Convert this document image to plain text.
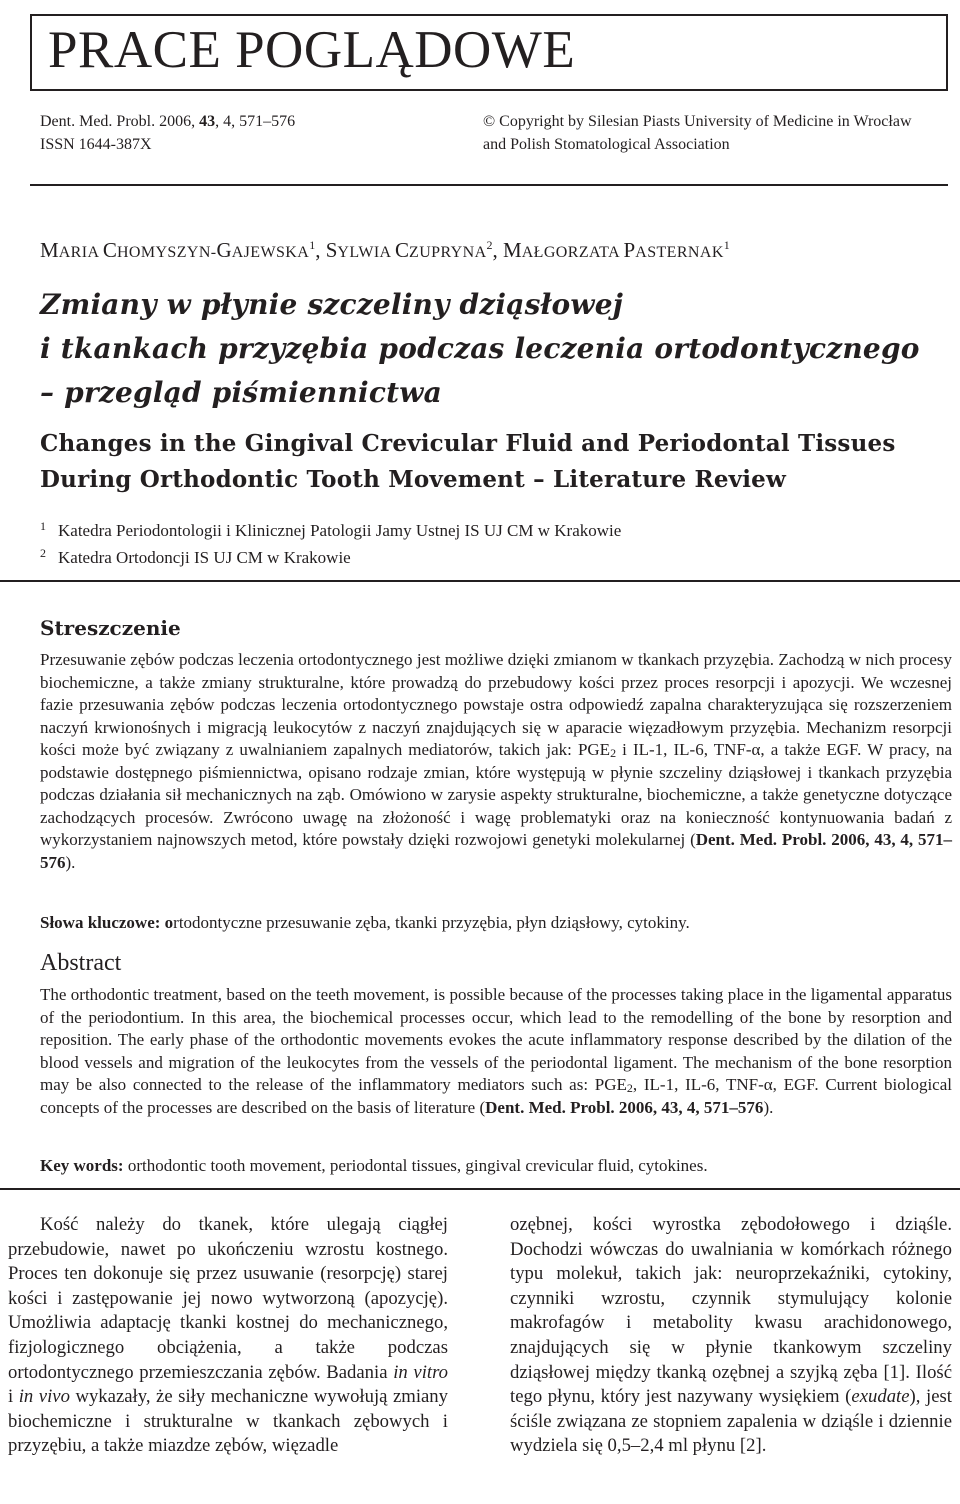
PRACE POGLĄDOWE
Dent. Med. Probl. 2006, 43, 4, 571–576
ISSN 1644-387X
© Copyright by Silesian Piasts University of Medicine in Wrocław
and Polish Stomatological Association
MARIA CHOMYSZYN-GAJEWSKA$^1$, SYLWIA CZUPRYNA$^2$, MAŁGORZATA PASTERNAK$^1$
Zmiany w płynie szczeliny dziąsłowej
i tkankach przyzębia podczas leczenia ortodontycznego
– przegląd piśmiennictwa
Changes in the Gingival Crevicular Fluid and Periodontal Tissues
During Orthodontic Tooth Movement – Literature Review
1 Katedra Periodontologii i Klinicznej Patologii Jamy Ustnej IS UJ CM w Krakowie
2 Katedra Ortodoncji IS UJ CM w Krakowie
Streszczenie
Przesuwanie zębów podczas leczenia ortodontycznego jest możliwe dzięki zmianom w tkankach przyzębia. Zachodzą w nich procesy biochemiczne, a także zmiany strukturalne, które prowadzą do przebudowy kości przez proces resorpcji i apozycji. We wczesnej fazie przesuwania zębów podczas leczenia ortodontycznego powstaje ostra odpowiedź zapalna charakteryzująca się rozszerzeniem naczyń krwionośnych i migracją leukocytów z naczyń znajdujących się w aparacie więzadłowym przyzębia. Mechanizm resorpcji kości może być związany z uwalnianiem zapalnych mediatorów, takich jak: $PGE_2$ i IL-1, IL-6, TNF-α, a także EGF. W pracy, na podstawie dostępnego piśmiennictwa, opisano rodzaje zmian, które występują w płynie szczeliny dziąsłowej i tkankach przyzębia podczas działania sił mechanicznych na ząb. Omówiono w zarysie aspekty strukturalne, biochemiczne, a także genetyczne dotyczące zachodzących procesów. Zwrócono uwagę na złożoność i wagę problematyki oraz na konieczność kontynuowania badań z wykorzystaniem najnowszych metod, które powstały dzięki rozwojowi genetyki molekularnej (Dent. Med. Probl. 2006, 43, 4, 571–576).
Słowa kluczowe: ortodontyczne przesuwanie zęba, tkanki przyzębia, płyn dziąsłowy, cytokiny.
Abstract
The orthodontic treatment, based on the teeth movement, is possible because of the processes taking place in the ligamental apparatus of the periodontium. In this area, the biochemical processes occur, which lead to the remodelling of the bone by resorption and reposition. The early phase of the orthodontic movements evokes the acute inflammatory response described by the dilation of the blood vessels and migration of the leukocytes from the vessels of the periodontal ligament. The mechanism of the bone resorption may be also connected to the release of the inflammatory mediators such as: $PGE_2$, IL-1, IL-6, TNF-α, EGF. Current biological concepts of the processes are described on the basis of literature (Dent. Med. Probl. 2006, 43, 4, 571–576).
Key words: orthodontic tooth movement, periodontal tissues, gingival crevicular fluid, cytokines.
Kość należy do tkanek, które ulegają ciągłej przebudowie, nawet po ukończeniu wzrostu kostnego. Proces ten dokonuje się przez usuwanie (resorpcję) starej kości i zastępowanie jej nowo wytworzoną (apozycję). Umożliwia adaptację tkanki kostnej do mechanicznego, fizjologicznego obciążenia, a także podczas ortodontycznego przemieszczania zębów. Badania in vitro i in vivo wykazały, że siły mechaniczne wywołują zmiany biochemiczne i strukturalne w tkankach zębowych i przyzębiu, a także miazdze zębów, więzadle
ozębnej, kości wyrostka zębodołowego i dziąśle. Dochodzi wówczas do uwalniania w komórkach różnego typu molekuł, takich jak: neuroprzekaźniki, cytokiny, czynniki wzrostu, czynnik stymulujący kolonie makrofagów i metabolity kwasu arachidonowego, znajdujących się w płynie tkankowym szczeliny dziąsłowej między tkanką ozębnej a szyjką zęba [1]. Ilość tego płynu, który jest nazywany wysiękiem (exudate), jest ściśle związana ze stopniem zapalenia w dziąśle i dziennie wydziela się 0,5–2,4 ml płynu [2].
